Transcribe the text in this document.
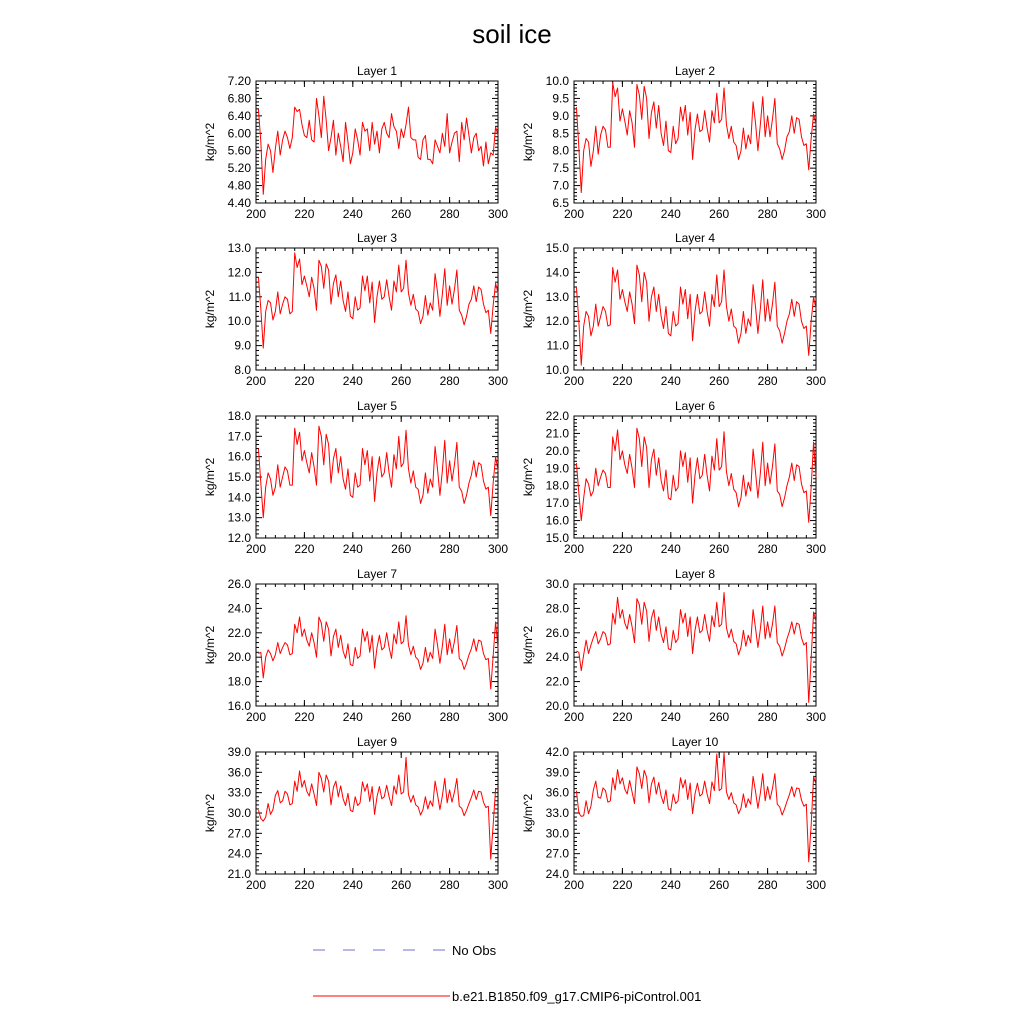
soil ice
Layer 1
kg/m^2
200 220 240 260 280 300
4.40
4.80
5.20
5.60
6.00
6.40
6.80
7.20
Layer 2
kg/m^2
200 220 240 260 280 300
6.5
7.0
7.5
8.0
8.5
9.0
9.5
10.0
Layer 3
kg/m^2
200 220 240 260 280 300
8.0
9.0
10.0
11.0
12.0
13.0
Layer 4
kg/m^2
200 220 240 260 280 300
10.0
11.0
12.0
13.0
14.0
15.0
Layer 5
kg/m^2
200 220 240 260 280 300
12.0
13.0
14.0
15.0
16.0
17.0
18.0
Layer 6
kg/m^2
200 220 240 260 280 300
15.0
16.0
17.0
18.0
19.0
20.0
21.0
22.0
Layer 7
kg/m^2
200 220 240 260 280 300
16.0
18.0
20.0
22.0
24.0
26.0
Layer 8
kg/m^2
200 220 240 260 280 300
20.0
22.0
24.0
26.0
28.0
30.0
Layer 9
kg/m^2
200 220 240 260 280 300
21.0
24.0
27.0
30.0
33.0
36.0
39.0
Layer 10
kg/m^2
200 220 240 260 280 300
24.0
27.0
30.0
33.0
36.0
39.0
42.0
No Obs
b.e21.B1850.f09_g17.CMIP6-piControl.001
